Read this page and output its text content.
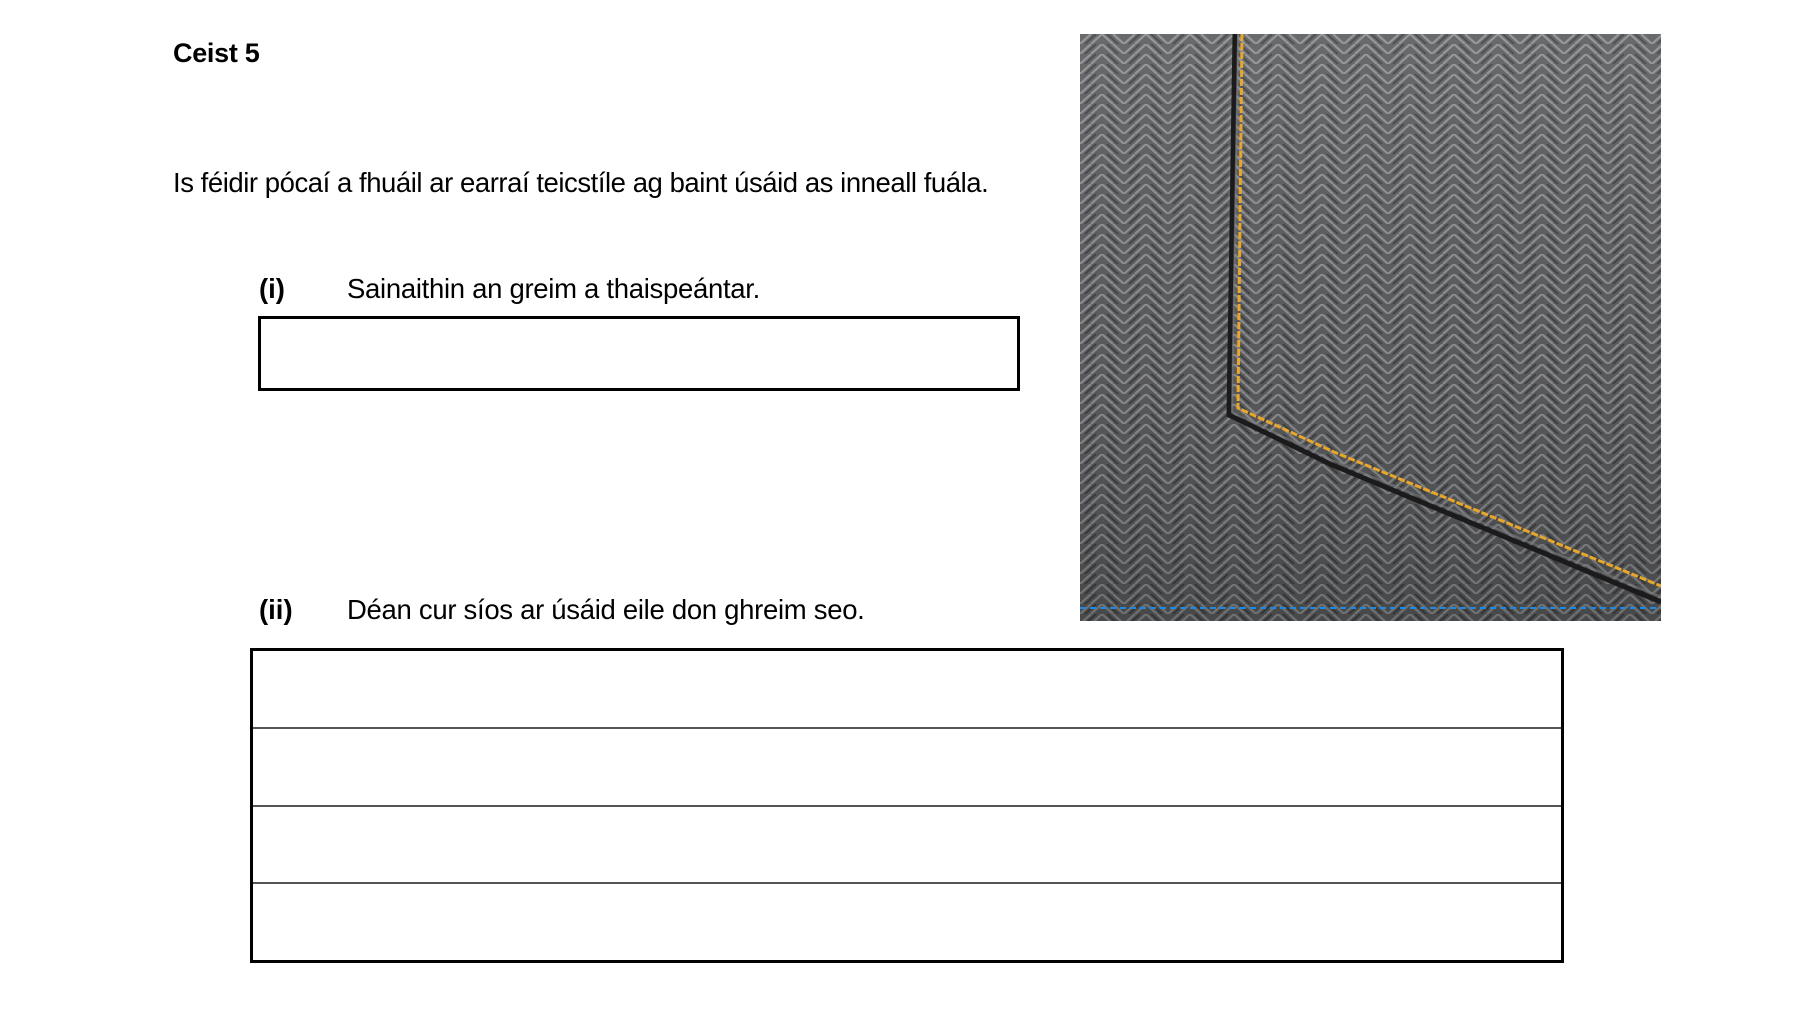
Ceist 5
Is féidir pócaí a fhuáil ar earraí teicstíle ag baint úsáid as inneall fuála.
(i) Sainaithin an greim a thaispeántar.
(ii) Déan cur síos ar úsáid eile don ghreim seo.
